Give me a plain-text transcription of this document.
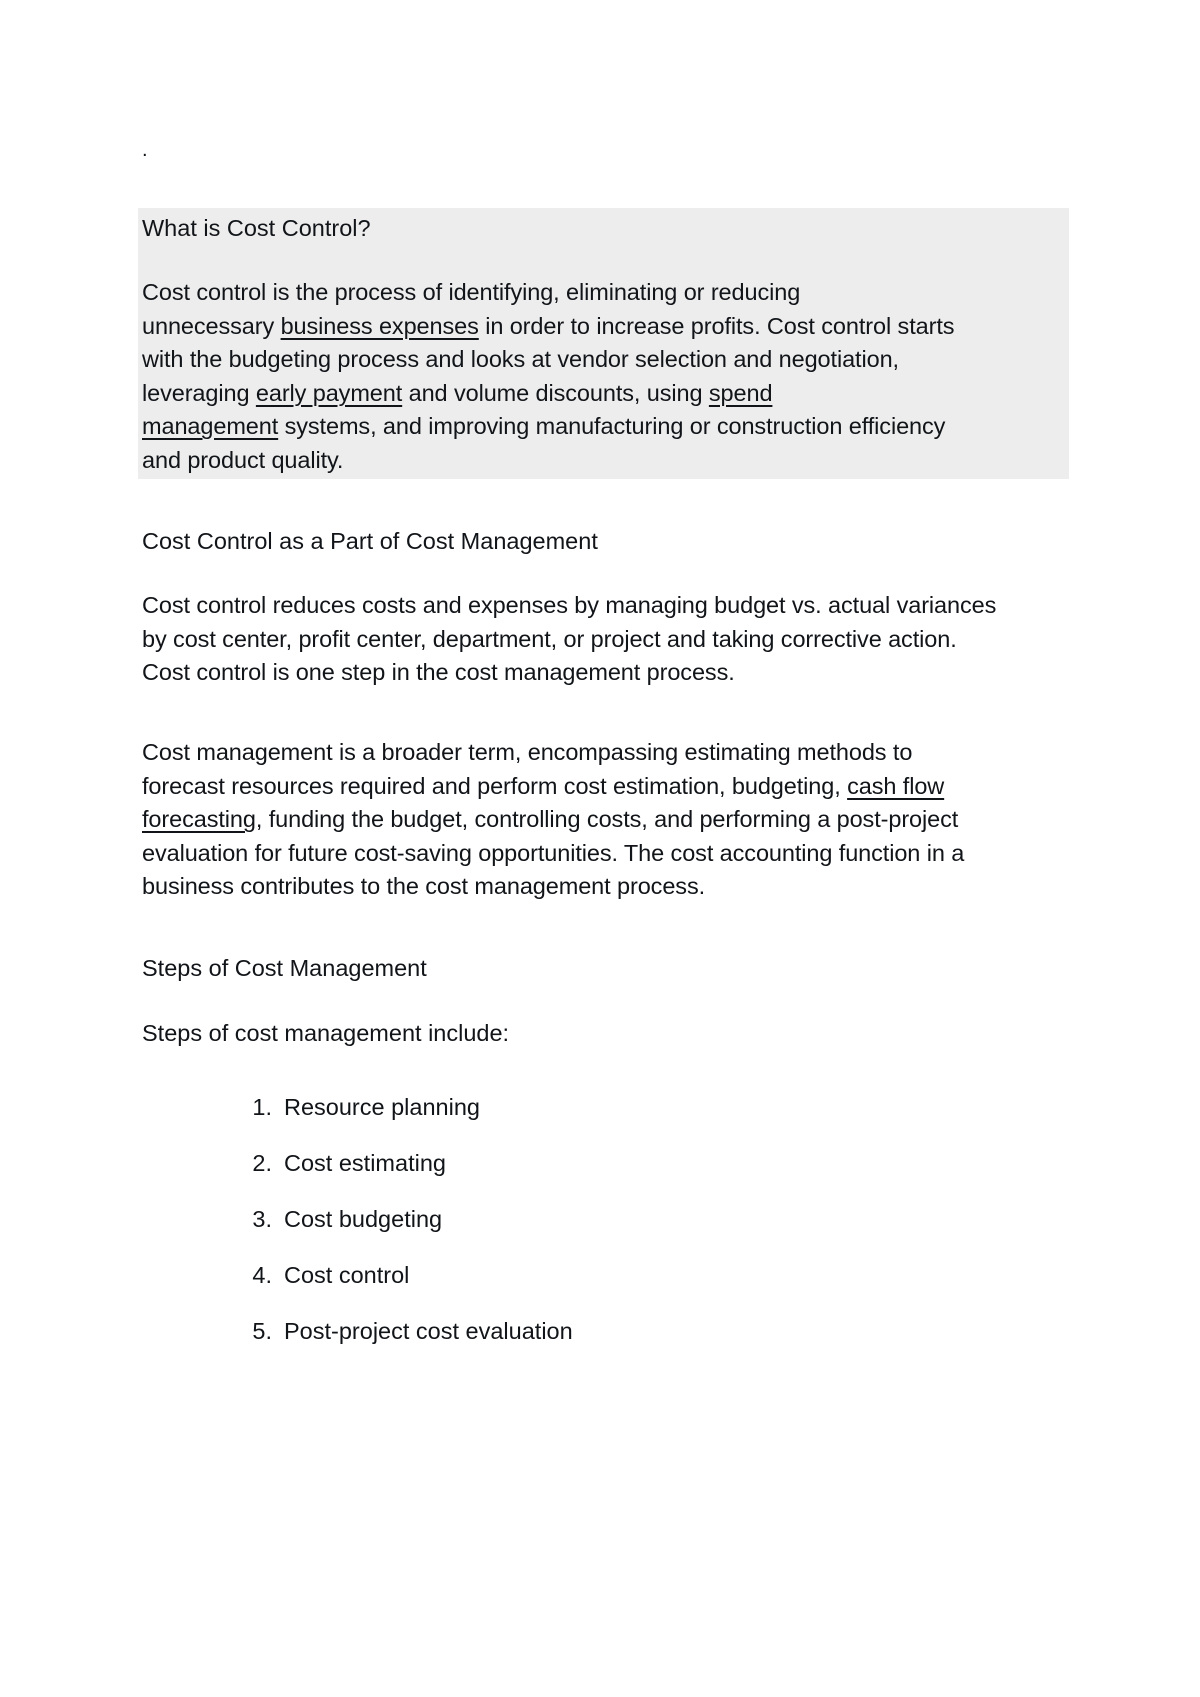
.
What is Cost Control?
Cost control is the process of identifying, eliminating or reducing
unnecessary business expenses in order to increase profits. Cost control starts
with the budgeting process and looks at vendor selection and negotiation,
leveraging early payment and volume discounts, using spend
management systems, and improving manufacturing or construction efficiency
and product quality.
Cost Control as a Part of Cost Management
Cost control reduces costs and expenses by managing budget vs. actual variances
by cost center, profit center, department, or project and taking corrective action.
Cost control is one step in the cost management process.
Cost management is a broader term, encompassing estimating methods to
forecast resources required and perform cost estimation, budgeting, cash flow
forecasting, funding the budget, controlling costs, and performing a post-project
evaluation for future cost-saving opportunities. The cost accounting function in a
business contributes to the cost management process.
Steps of Cost Management
Steps of cost management include:
1. Resource planning
2. Cost estimating
3. Cost budgeting
4. Cost control
5. Post-project cost evaluation
